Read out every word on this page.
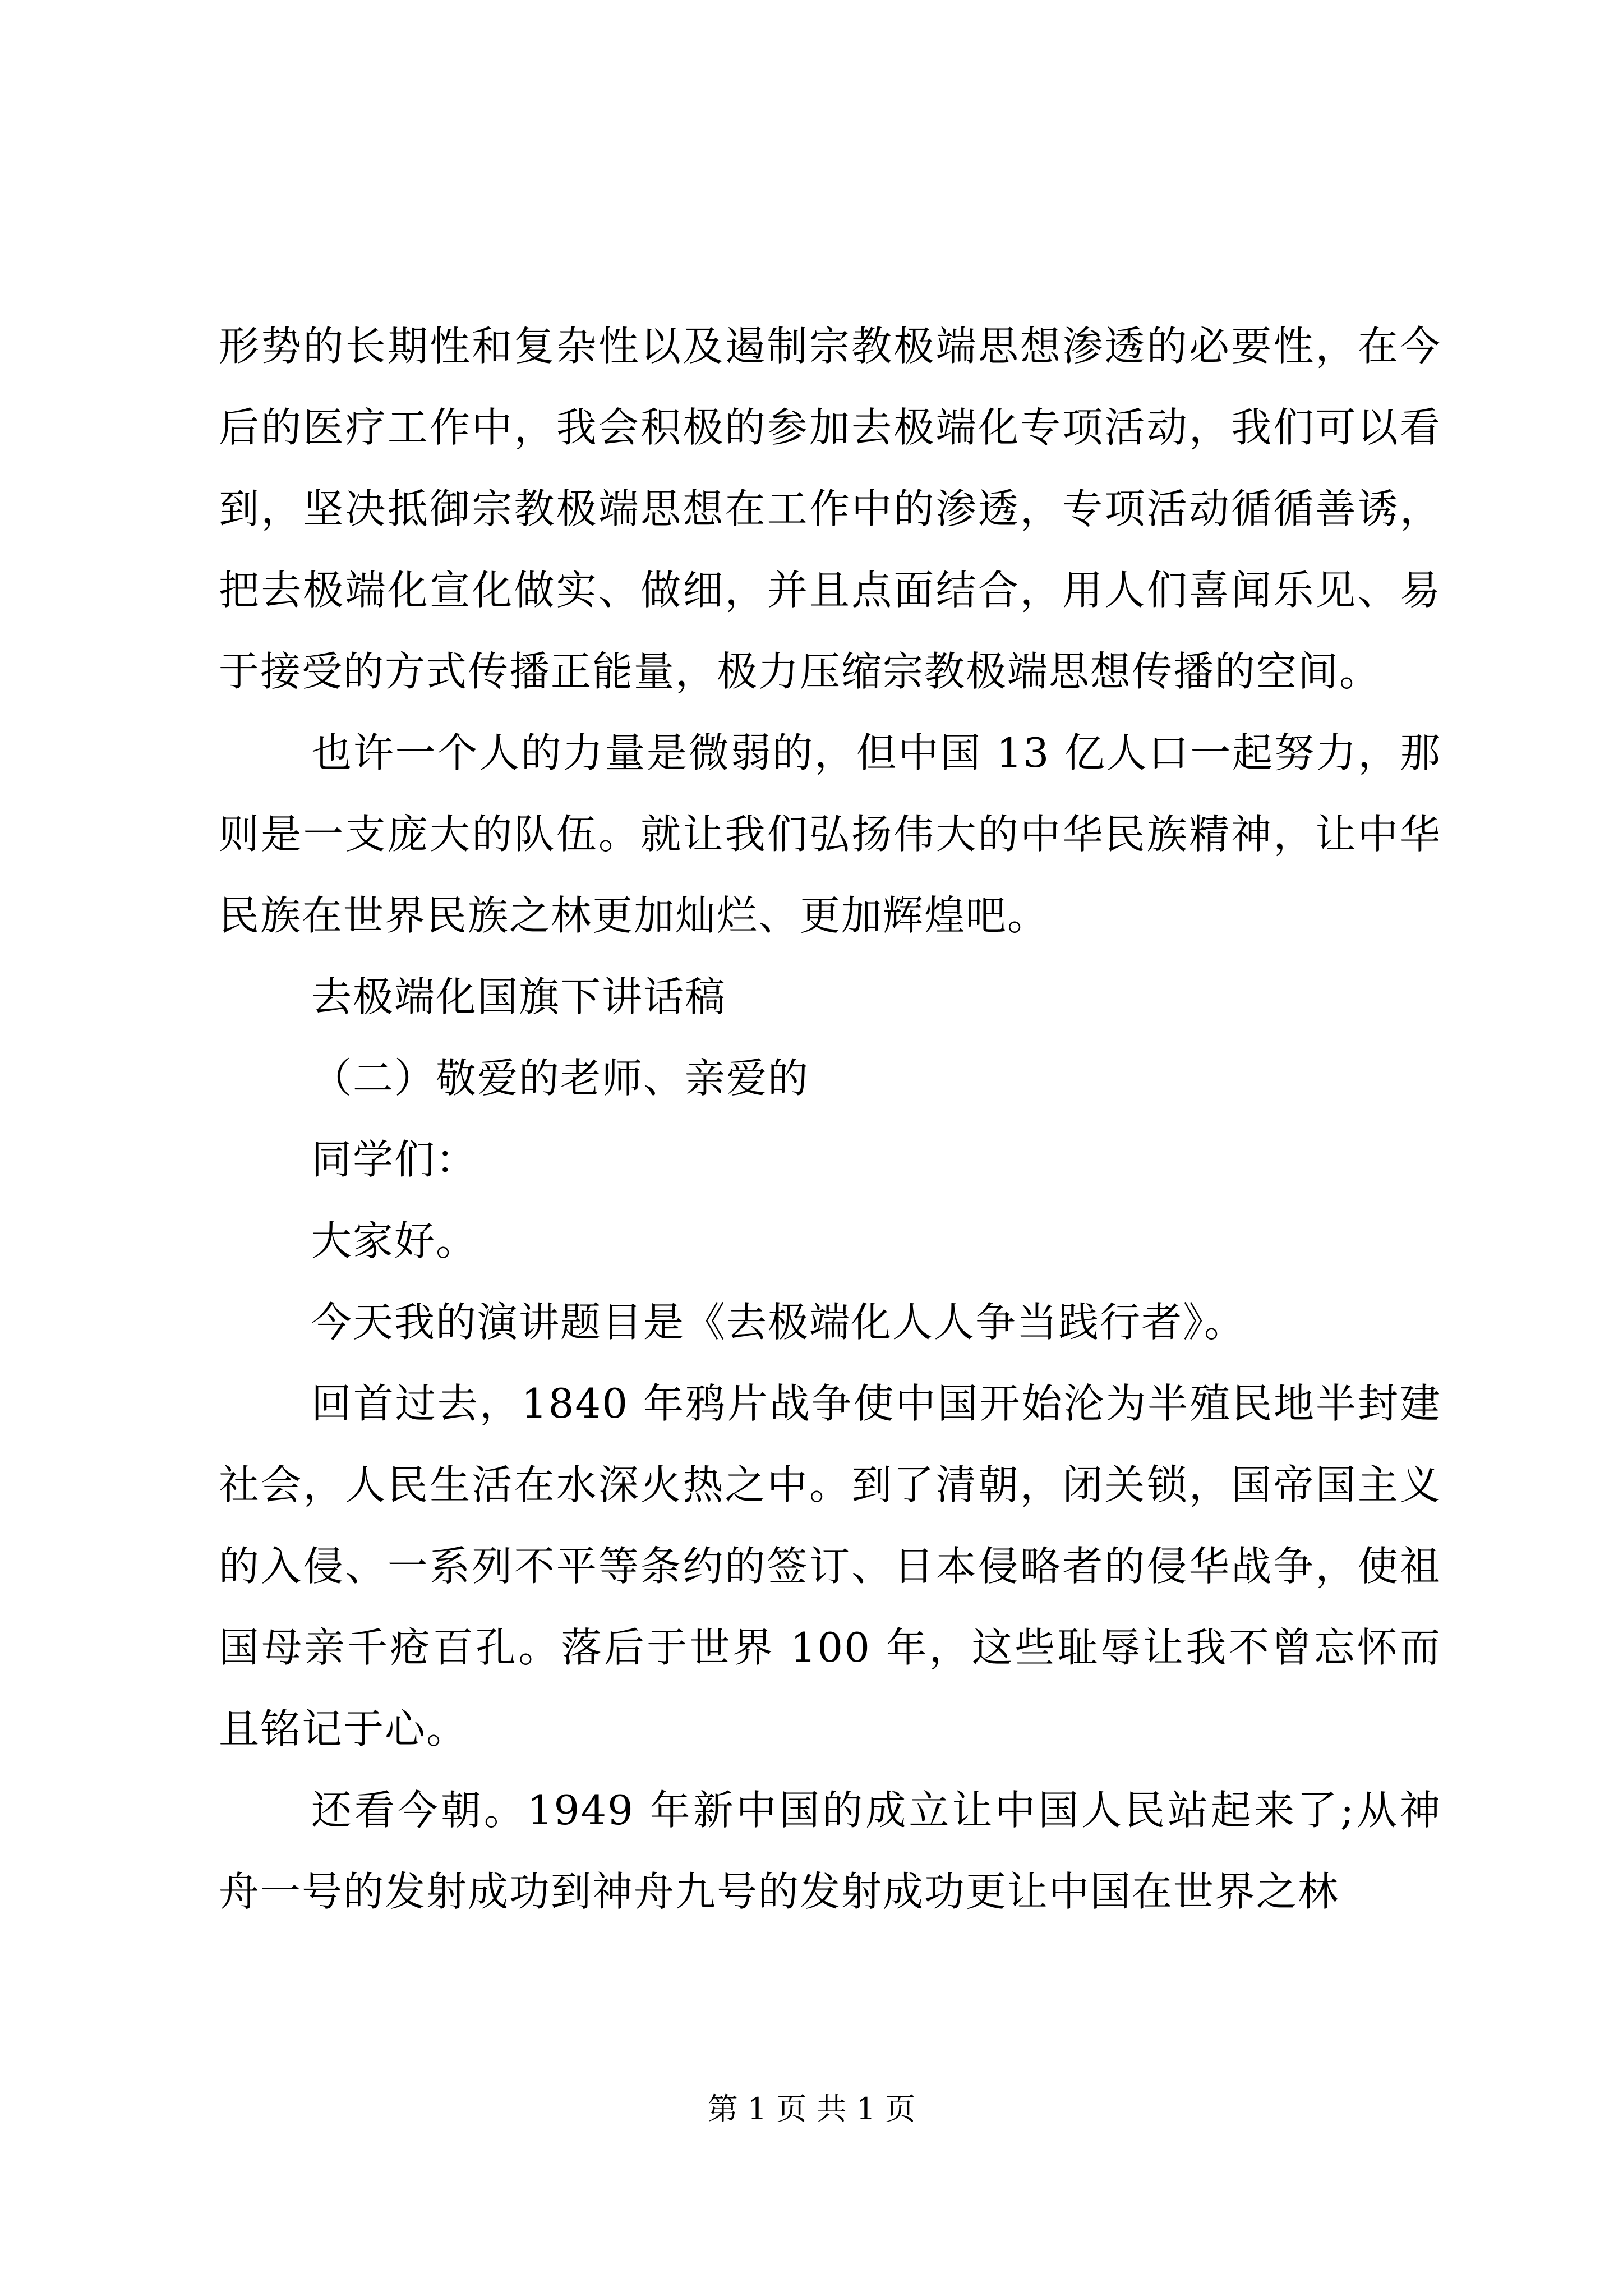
形势的长期性和复杂性以及遏制宗教极端思想渗透的必要性，在今后的医疗工作中，我会积极的参加去极端化专项活动，我们可以看到，坚决抵御宗教极端思想在工作中的渗透，专项活动循循善诱，把去极端化宣化做实、做细，并且点面结合，用人们喜闻乐见、易于接受的方式传播正能量，极力压缩宗教极端思想传播的空间。

也许一个人的力量是微弱的，但中国 13 亿人口一起努力，那则是一支庞大的队伍。就让我们弘扬伟大的中华民族精神，让中华民族在世界民族之林更加灿烂、更加辉煌吧。

去极端化国旗下讲话稿

（二）敬爱的老师、亲爱的

同学们：

大家好。

今天我的演讲题目是《去极端化人人争当践行者》。

回首过去，1840 年鸦片战争使中国开始沦为半殖民地半封建社会，人民生活在水深火热之中。到了清朝，闭关锁，国帝国主义的入侵、一系列不平等条约的签订、日本侵略者的侵华战争，使祖国母亲千疮百孔。落后于世界 100 年，这些耻辱让我不曾忘怀而且铭记于心。

还看今朝。1949 年新中国的成立让中国人民站起来了;从神舟一号的发射成功到神舟九号的发射成功更让中国在世界之林

第 1 页 共 1 页
